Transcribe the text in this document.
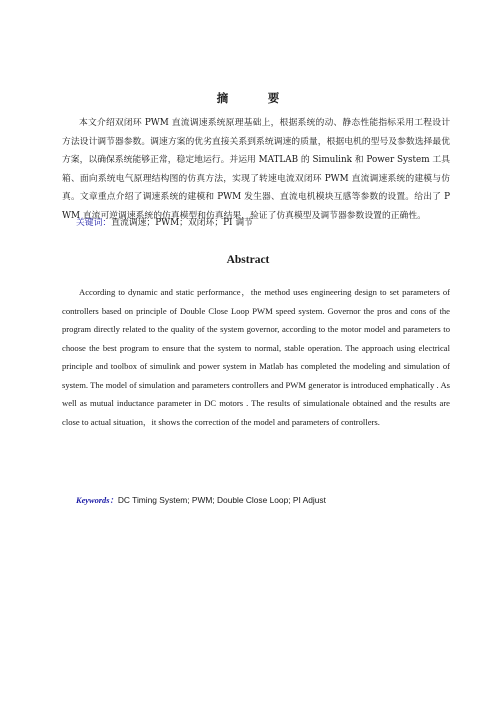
摘　要

本文介绍双闭环 PWM 直流调速系统原理基础上，根据系统的动、静态性能指标采用工程设计方法设计调节器参数。调速方案的优劣直接关系到系统调速的质量，根据电机的型号及参数选择最优方案，以确保系统能够正常，稳定地运行。并运用 MATLAB 的 Simulink 和 Power System 工具箱、面向系统电气原理结构图的仿真方法，实现了转速电流双闭环 PWM 直流调速系统的建模与仿真。文章重点介绍了调速系统的建模和 PWM 发生器、直流电机模块互感等参数的设置。给出了 PWM 直流可逆调速系统的仿真模型和仿真结果，验证了仿真模型及调节器参数设置的正确性。

关键词：直流调速；PWM；双闭环；PI 调节
Abstract

According to dynamic and static performance，the method uses engineering design to set parameters of controllers based on principle of Double Close Loop PWM speed system. Governor the pros and cons of the program directly related to the quality of the system governor, according to the motor model and parameters to choose the best program to ensure that the system to normal, stable operation. The approach using electrical principle and toolbox of simulink and power system in Matlab has completed the modeling and simulation of system. The model of simulation and parameters controllers and PWM generator is introduced emphatically . As well as mutual inductance parameter in DC motors . The results of simulationale obtained and the results are close to actual situation，it shows the correction of the model and parameters of controllers.

Keywords：DC Timing System; PWM; Double Close Loop; PI Adjust
